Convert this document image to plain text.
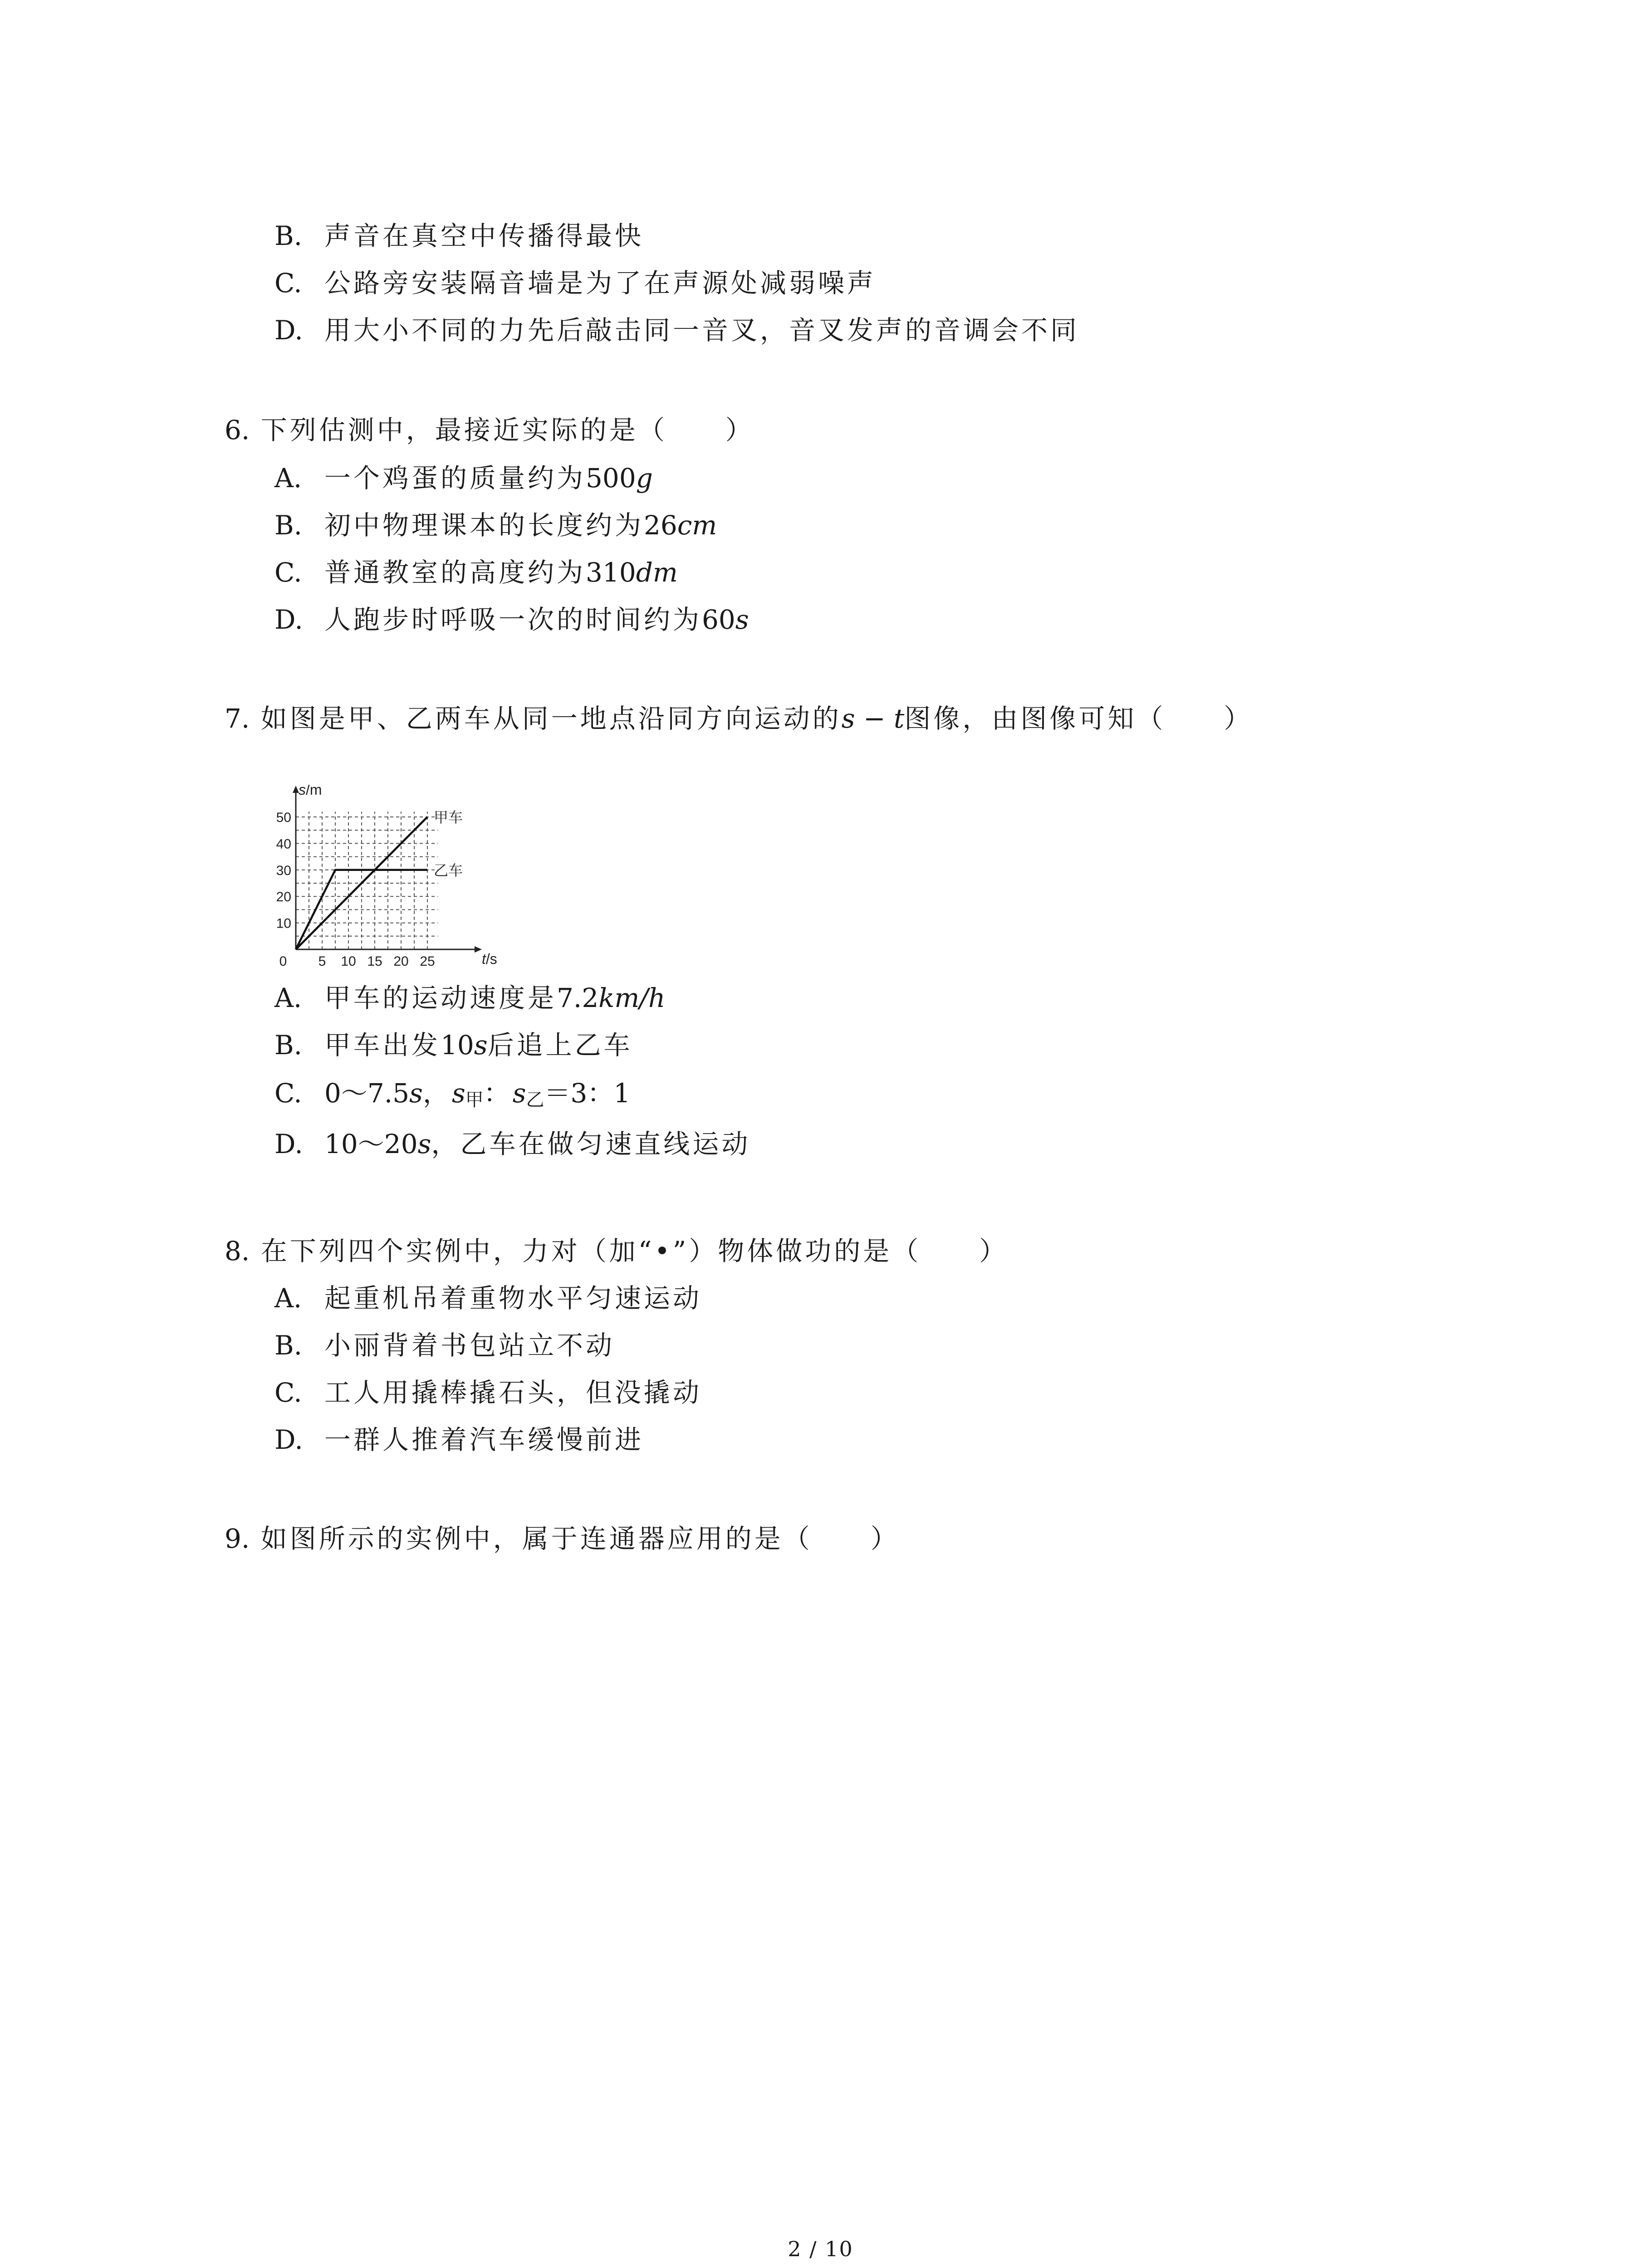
B. 声音在真空中传播得最快
C. 公路旁安装隔音墙是为了在声源处减弱噪声
D. 用大小不同的力先后敲击同一音叉，音叉发声的音调会不同
6. 下列估测中，最接近实际的是（　　）
A. 一个鸡蛋的质量约为500g
B. 初中物理课本的长度约为26cm
C. 普通教室的高度约为310dm
D. 人跑步时呼吸一次的时间约为60s
7. 如图是甲、乙两车从同一地点沿同方向运动的s − t图像，由图像可知（　　）
s/m
t/s
0 5 10 15 20 25
10
20
30
40
50	甲车
乙车
A. 甲车的运动速度是7.2km/h
B. 甲车出发10s后追上乙车
C. 0～7.5s，$s_甲$：$s_乙=3$：1
D. 10～20s，乙车在做匀速直线运动
8. 在下列四个实例中，力对（加“•”）物体做功的是（　　）
A. 起重机吊着重物水平匀速运动
B. 小丽背着书包站立不动
C. 工人用撬棒撬石头，但没撬动
D. 一群人推着汽车缓慢前进
9. 如图所示的实例中，属于连通器应用的是（　　）
2 / 10
